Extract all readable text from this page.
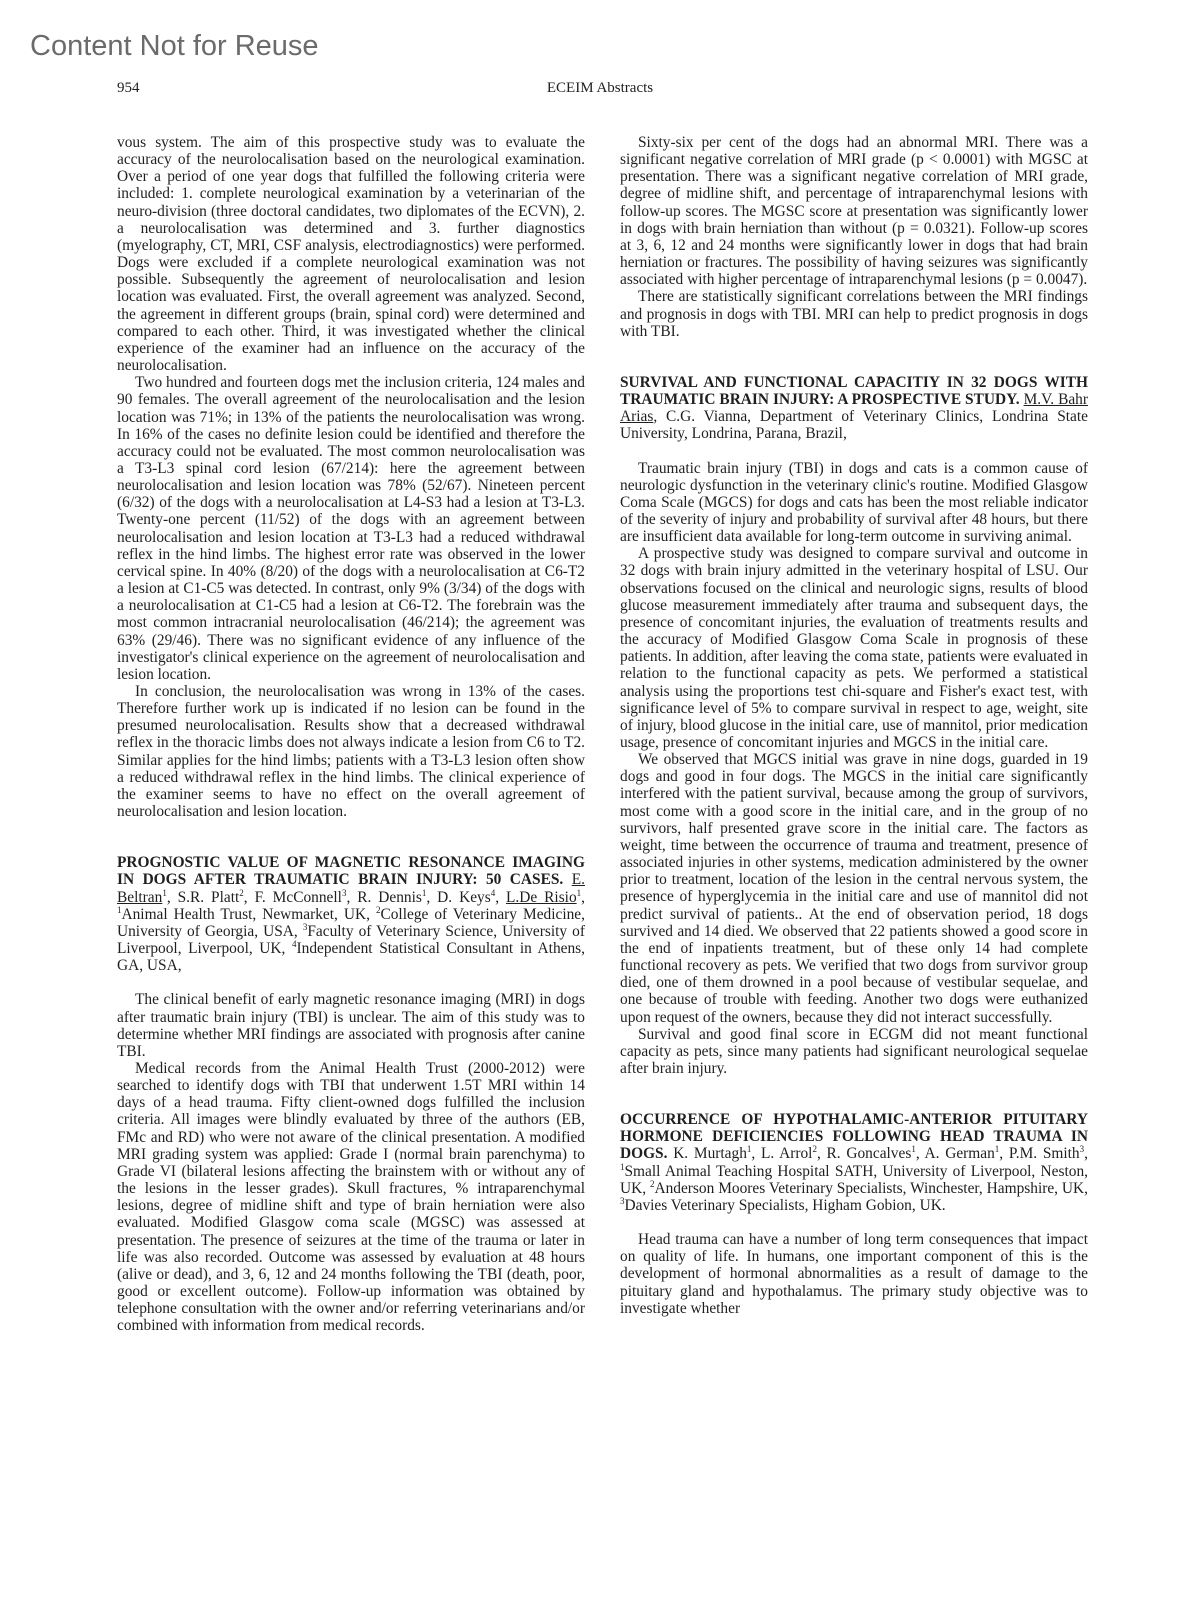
Content Not for Reuse
954	ECEIM Abstracts

vous system. The aim of this prospective study was to evaluate the accuracy of the neurolocalisation based on the neurological examination. Over a period of one year dogs that fulfilled the following criteria were included: 1. complete neurological examination by a veterinarian of the neuro-division (three doctoral candidates, two diplomates of the ECVN), 2. a neurolocalisation was determined and 3. further diagnostics (myelography, CT, MRI, CSF analysis, electrodiagnostics) were performed. Dogs were excluded if a complete neurological examination was not possible. Subsequently the agreement of neurolocalisation and lesion location was evaluated. First, the overall agreement was analyzed. Second, the agreement in different groups (brain, spinal cord) were determined and compared to each other. Third, it was investigated whether the clinical experience of the examiner had an influence on the accuracy of the neurolocalisation.

Two hundred and fourteen dogs met the inclusion criteria, 124 males and 90 females. The overall agreement of the neurolocalisation and the lesion location was 71%; in 13% of the patients the neurolocalisation was wrong. In 16% of the cases no definite lesion could be identified and therefore the accuracy could not be evaluated. The most common neurolocalisation was a T3-L3 spinal cord lesion (67/214): here the agreement between neurolocalisation and lesion location was 78% (52/67). Nineteen percent (6/32) of the dogs with a neurolocalisation at L4-S3 had a lesion at T3-L3. Twenty-one percent (11/52) of the dogs with an agreement between neurolocalisation and lesion location at T3-L3 had a reduced withdrawal reflex in the hind limbs. The highest error rate was observed in the lower cervical spine. In 40% (8/20) of the dogs with a neurolocalisation at C6-T2 a lesion at C1-C5 was detected. In contrast, only 9% (3/34) of the dogs with a neurolocalisation at C1-C5 had a lesion at C6-T2. The forebrain was the most common intracranial neurolocalisation (46/214); the agreement was 63% (29/46). There was no significant evidence of any influence of the investigator's clinical experience on the agreement of neurolocalisation and lesion location.

In conclusion, the neurolocalisation was wrong in 13% of the cases. Therefore further work up is indicated if no lesion can be found in the presumed neurolocalisation. Results show that a decreased withdrawal reflex in the thoracic limbs does not always indicate a lesion from C6 to T2. Similar applies for the hind limbs; patients with a T3-L3 lesion often show a reduced withdrawal reflex in the hind limbs. The clinical experience of the examiner seems to have no effect on the overall agreement of neurolocalisation and lesion location.

PROGNOSTIC VALUE OF MAGNETIC RESONANCE IMAGING IN DOGS AFTER TRAUMATIC BRAIN INJURY: 50 CASES. E. Beltran$^1$, S.R. Platt$^2$, F. McConnell$^3$, R. Dennis$^1$, D. Keys$^4$, L.De Risio$^1$, $^1$Animal Health Trust, Newmarket, UK, $^2$College of Veterinary Medicine, University of Georgia, USA, $^3$Faculty of Veterinary Science, University of Liverpool, Liverpool, UK, $^4$Independent Statistical Consultant in Athens, GA, USA,

The clinical benefit of early magnetic resonance imaging (MRI) in dogs after traumatic brain injury (TBI) is unclear. The aim of this study was to determine whether MRI findings are associated with prognosis after canine TBI.

Medical records from the Animal Health Trust (2000-2012) were searched to identify dogs with TBI that underwent 1.5T MRI within 14 days of a head trauma. Fifty client-owned dogs fulfilled the inclusion criteria. All images were blindly evaluated by three of the authors (EB, FMc and RD) who were not aware of the clinical presentation. A modified MRI grading system was applied: Grade I (normal brain parenchyma) to Grade VI (bilateral lesions affecting the brainstem with or without any of the lesions in the lesser grades). Skull fractures, % intraparenchymal lesions, degree of midline shift and type of brain herniation were also evaluated. Modified Glasgow coma scale (MGSC) was assessed at presentation. The presence of seizures at the time of the trauma or later in life was also recorded. Outcome was assessed by evaluation at 48 hours (alive or dead), and 3, 6, 12 and 24 months following the TBI (death, poor, good or excellent outcome). Follow-up information was obtained by telephone consultation with the owner and/or referring veterinarians and/or combined with information from medical records.

Sixty-six per cent of the dogs had an abnormal MRI. There was a significant negative correlation of MRI grade (p < 0.0001) with MGSC at presentation. There was a significant negative correlation of MRI grade, degree of midline shift, and percentage of intraparenchymal lesions with follow-up scores. The MGSC score at presentation was significantly lower in dogs with brain herniation than without (p = 0.0321). Follow-up scores at 3, 6, 12 and 24 months were significantly lower in dogs that had brain herniation or fractures. The possibility of having seizures was significantly associated with higher percentage of intraparenchymal lesions (p = 0.0047).

There are statistically significant correlations between the MRI findings and prognosis in dogs with TBI. MRI can help to predict prognosis in dogs with TBI.

SURVIVAL AND FUNCTIONAL CAPACITIY IN 32 DOGS WITH TRAUMATIC BRAIN INJURY: A PROSPECTIVE STUDY. M.V. Bahr Arias, C.G. Vianna, Department of Veterinary Clinics, Londrina State University, Londrina, Parana, Brazil,

Traumatic brain injury (TBI) in dogs and cats is a common cause of neurologic dysfunction in the veterinary clinic's routine. Modified Glasgow Coma Scale (MGCS) for dogs and cats has been the most reliable indicator of the severity of injury and probability of survival after 48 hours, but there are insufficient data available for long-term outcome in surviving animal.

A prospective study was designed to compare survival and outcome in 32 dogs with brain injury admitted in the veterinary hospital of LSU. Our observations focused on the clinical and neurologic signs, results of blood glucose measurement immediately after trauma and subsequent days, the presence of concomitant injuries, the evaluation of treatments results and the accuracy of Modified Glasgow Coma Scale in prognosis of these patients. In addition, after leaving the coma state, patients were evaluated in relation to the functional capacity as pets. We performed a statistical analysis using the proportions test chi-square and Fisher's exact test, with significance level of 5% to compare survival in respect to age, weight, site of injury, blood glucose in the initial care, use of mannitol, prior medication usage, presence of concomitant injuries and MGCS in the initial care.

We observed that MGCS initial was grave in nine dogs, guarded in 19 dogs and good in four dogs. The MGCS in the initial care significantly interfered with the patient survival, because among the group of survivors, most come with a good score in the initial care, and in the group of no survivors, half presented grave score in the initial care. The factors as weight, time between the occurrence of trauma and treatment, presence of associated injuries in other systems, medication administered by the owner prior to treatment, location of the lesion in the central nervous system, the presence of hyperglycemia in the initial care and use of mannitol did not predict survival of patients.. At the end of observation period, 18 dogs survived and 14 died. We observed that 22 patients showed a good score in the end of inpatients treatment, but of these only 14 had complete functional recovery as pets. We verified that two dogs from survivor group died, one of them drowned in a pool because of vestibular sequelae, and one because of trouble with feeding. Another two dogs were euthanized upon request of the owners, because they did not interact successfully.

Survival and good final score in ECGM did not meant functional capacity as pets, since many patients had significant neurological sequelae after brain injury.

OCCURRENCE OF HYPOTHALAMIC-ANTERIOR PITUITARY HORMONE DEFICIENCIES FOLLOWING HEAD TRAUMA IN DOGS. K. Murtagh$^1$, L. Arrol$^2$, R. Goncalves$^1$, A. German$^1$, P.M. Smith$^3$, $^1$Small Animal Teaching Hospital SATH, University of Liverpool, Neston, UK, $^2$Anderson Moores Veterinary Specialists, Winchester, Hampshire, UK, $^3$Davies Veterinary Specialists, Higham Gobion, UK.

Head trauma can have a number of long term consequences that impact on quality of life. In humans, one important component of this is the development of hormonal abnormalities as a result of damage to the pituitary gland and hypothalamus. The primary study objective was to investigate whether
